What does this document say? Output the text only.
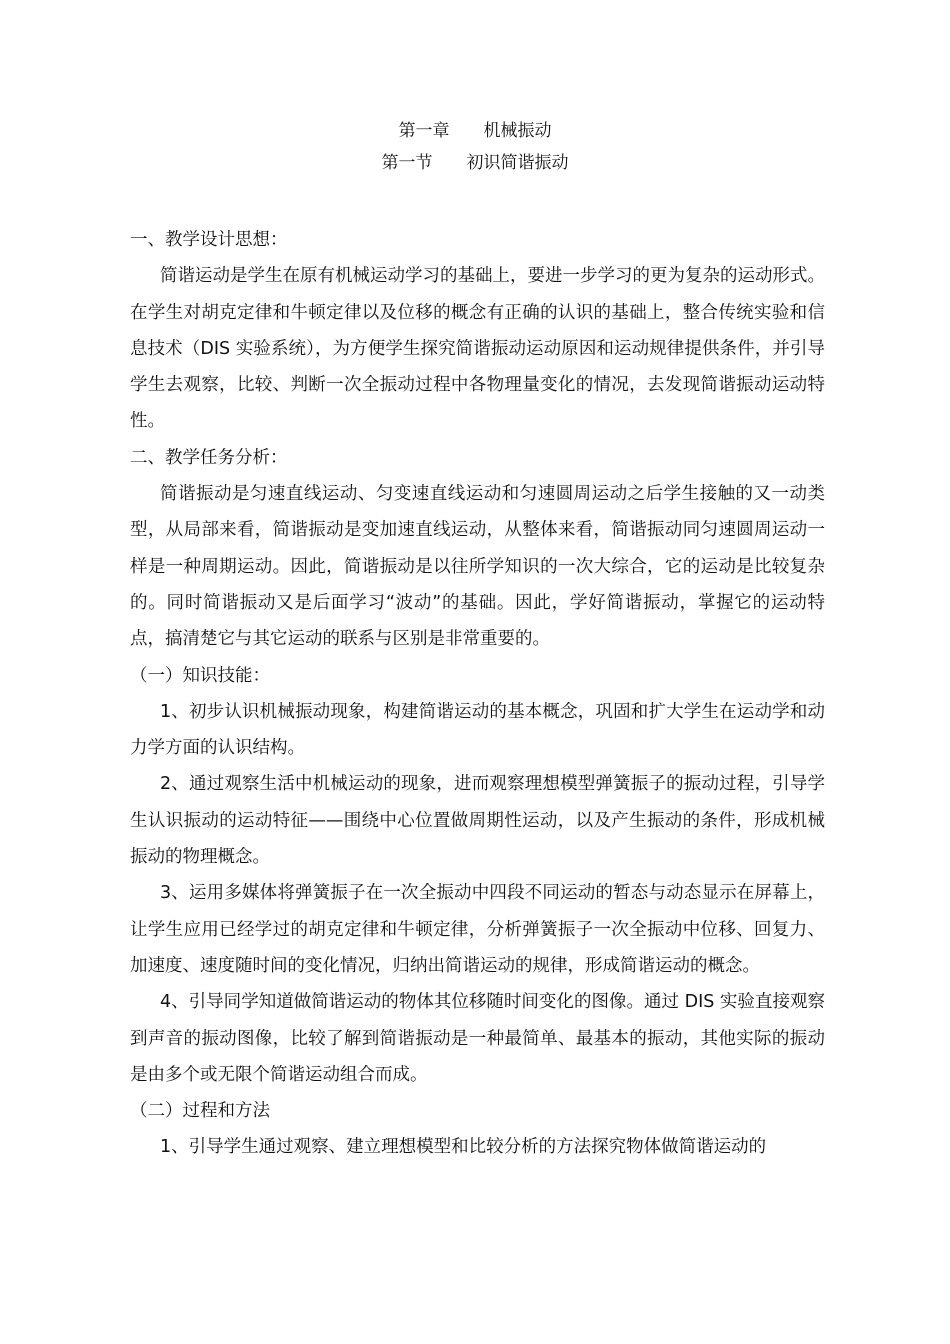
第一章　　机械振动
第一节　　初识简谐振动

一、教学设计思想：

简谐运动是学生在原有机械运动学习的基础上，要进一步学习的更为复杂的运动形式。在学生对胡克定律和牛顿定律以及位移的概念有正确的认识的基础上，整合传统实验和信息技术（DIS 实验系统），为方便学生探究简谐振动运动原因和运动规律提供条件，并引导学生去观察，比较、判断一次全振动过程中各物理量变化的情况，去发现简谐振动运动特性。

二、教学任务分析：

简谐振动是匀速直线运动、匀变速直线运动和匀速圆周运动之后学生接触的又一动类型，从局部来看，简谐振动是变加速直线运动，从整体来看，简谐振动同匀速圆周运动一样是一种周期运动。因此，简谐振动是以往所学知识的一次大综合，它的运动是比较复杂的。同时简谐振动又是后面学习“波动”的基础。因此，学好简谐振动，掌握它的运动特点，搞清楚它与其它运动的联系与区别是非常重要的。

（一）知识技能：

1、初步认识机械振动现象，构建简谐运动的基本概念，巩固和扩大学生在运动学和动力学方面的认识结构。

2、通过观察生活中机械运动的现象，进而观察理想模型弹簧振子的振动过程，引导学生认识振动的运动特征——围绕中心位置做周期性运动，以及产生振动的条件，形成机械振动的物理概念。

3、运用多媒体将弹簧振子在一次全振动中四段不同运动的暂态与动态显示在屏幕上，让学生应用已经学过的胡克定律和牛顿定律，分析弹簧振子一次全振动中位移、回复力、加速度、速度随时间的变化情况，归纳出简谐运动的规律，形成简谐运动的概念。

4、引导同学知道做简谐运动的物体其位移随时间变化的图像。通过 DIS 实验直接观察到声音的振动图像，比较了解到简谐振动是一种最简单、最基本的振动，其他实际的振动是由多个或无限个简谐运动组合而成。

（二）过程和方法

1、引导学生通过观察、建立理想模型和比较分析的方法探究物体做简谐运动的
